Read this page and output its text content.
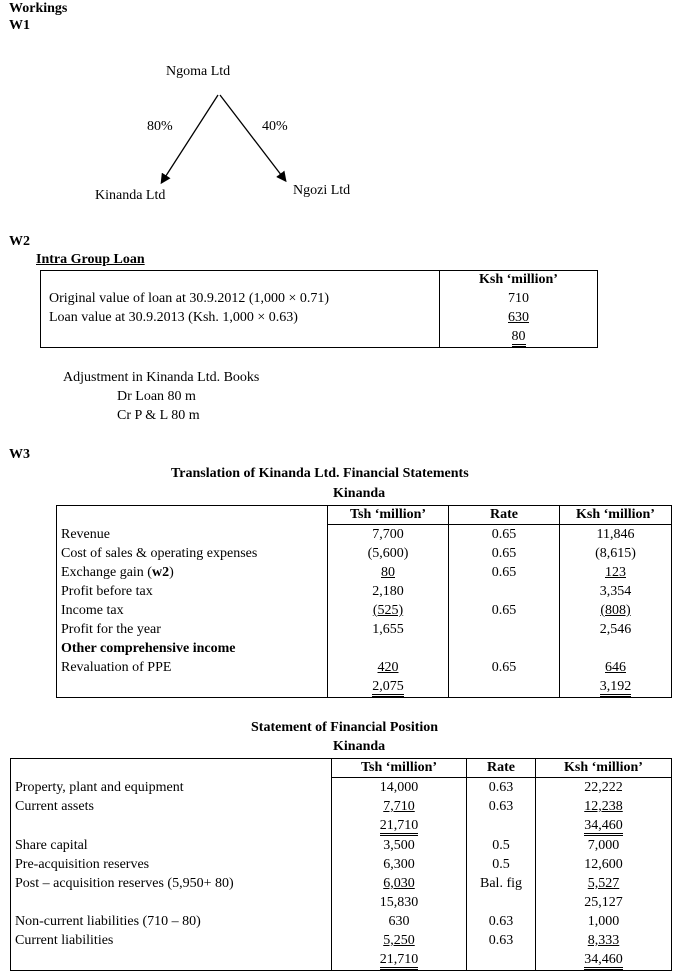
Workings
W1
Ngoma Ltd
80%	40%
Kinanda Ltd	Ngozi Ltd
W2
Intra Group Loan
	Ksh ‘million’
Original value of loan at 30.9.2012 (1,000 × 0.71)	710
Loan value at 30.9.2013 (Ksh. 1,000 × 0.63)	630
	80
Adjustment in Kinanda Ltd. Books
Dr Loan 80 m
Cr P & L 80 m
W3
Translation of Kinanda Ltd. Financial Statements
Kinanda
	Tsh ‘million’	Rate	Ksh ‘million’
Revenue	7,700	0.65	11,846
Cost of sales & operating expenses	(5,600)	0.65	(8,615)
Exchange gain (w2)	80	0.65	123
Profit before tax	2,180		3,354
Income tax	(525)	0.65	(808)
Profit for the year	1,655		2,546
Other comprehensive income			
Revaluation of PPE	420	0.65	646
	2,075		3,192
Statement of Financial Position
Kinanda
	Tsh ‘million’	Rate	Ksh ‘million’
Property, plant and equipment	14,000	0.63	22,222
Current assets	7,710	0.63	12,238
	21,710		34,460
Share capital	3,500	0.5	7,000
Pre-acquisition reserves	6,300	0.5	12,600
Post – acquisition reserves (5,950+ 80)	6,030	Bal. fig	5,527
	15,830		25,127
Non-current liabilities (710 – 80)	630	0.63	1,000
Current liabilities	5,250	0.63	8,333
	21,710		34,460
